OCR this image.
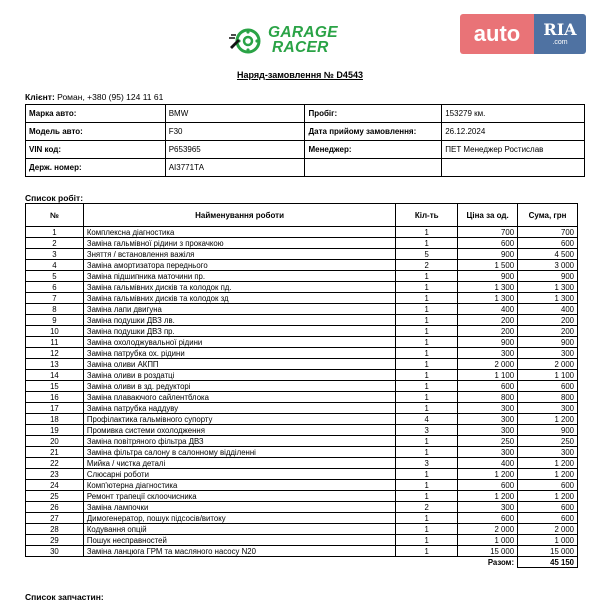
GARAGE
RACER
auto	RIA
.com
Наряд-замовлення № D4543
Клієнт: Роман, +380 (95) 124 11 61
Марка авто:	BMW	Пробіг:	153279 км.
Модель авто:	F30	Дата прийому замовлення:	26.12.2024
VIN код:	P653965	Менеджер:	ПЕТ Менеджер Ростислав
Держ. номер:	АІ3771ТА		
Список робіт:
№	Найменування роботи	Кіл-ть	Ціна за од.	Сума, грн
1	Комплексна діагностика	1	700	700
2	Заміна гальмівної рідини з прокачкою	1	600	600
3	Зняття / встановлення важіля	5	900	4 500
4	Заміна амортизатора переднього	2	1 500	3 000
5	Заміна підшипника маточини пр.	1	900	900
6	Заміна гальмівних дисків та колодок пд.	1	1 300	1 300
7	Заміна гальмівних дисків та колодок зд	1	1 300	1 300
8	Заміна лапи двигуна	1	400	400
9	Заміна подушки ДВЗ лв.	1	200	200
10	Заміна подушки ДВЗ пр.	1	200	200
11	Заміна охолоджувальної рідини	1	900	900
12	Заміна патрубка ох. рідини	1	300	300
13	Заміна оливи АКПП	1	2 000	2 000
14	Заміна оливи в роздатці	1	1 100	1 100
15	Заміна оливи в зд. редукторі	1	600	600
16	Заміна плаваючого сайлентблока	1	800	800
17	Заміна патрубка наддуву	1	300	300
18	Профілактика гальмівного супорту	4	300	1 200
19	Промивка системи охолодження	3	300	900
20	Заміна повітряного фільтра ДВЗ	1	250	250
21	Заміна фільтра салону в салонному відділенні	1	300	300
22	Мийка / чистка деталі	3	400	1 200
23	Слюсарні роботи	1	1 200	1 200
24	Комп'ютерна діагностика	1	600	600
25	Ремонт трапеції склоочисника	1	1 200	1 200
26	Заміна лампочки	2	300	600
27	Димогенератор, пошук підсосів/витоку	1	600	600
28	Кодування опцій	1	2 000	2 000
29	Пошук несправностей	1	1 000	1 000
30	Заміна ланцюга ГРМ та масляного насосу N20	1	15 000	15 000
Разом:				45 150
Список запчастин:
